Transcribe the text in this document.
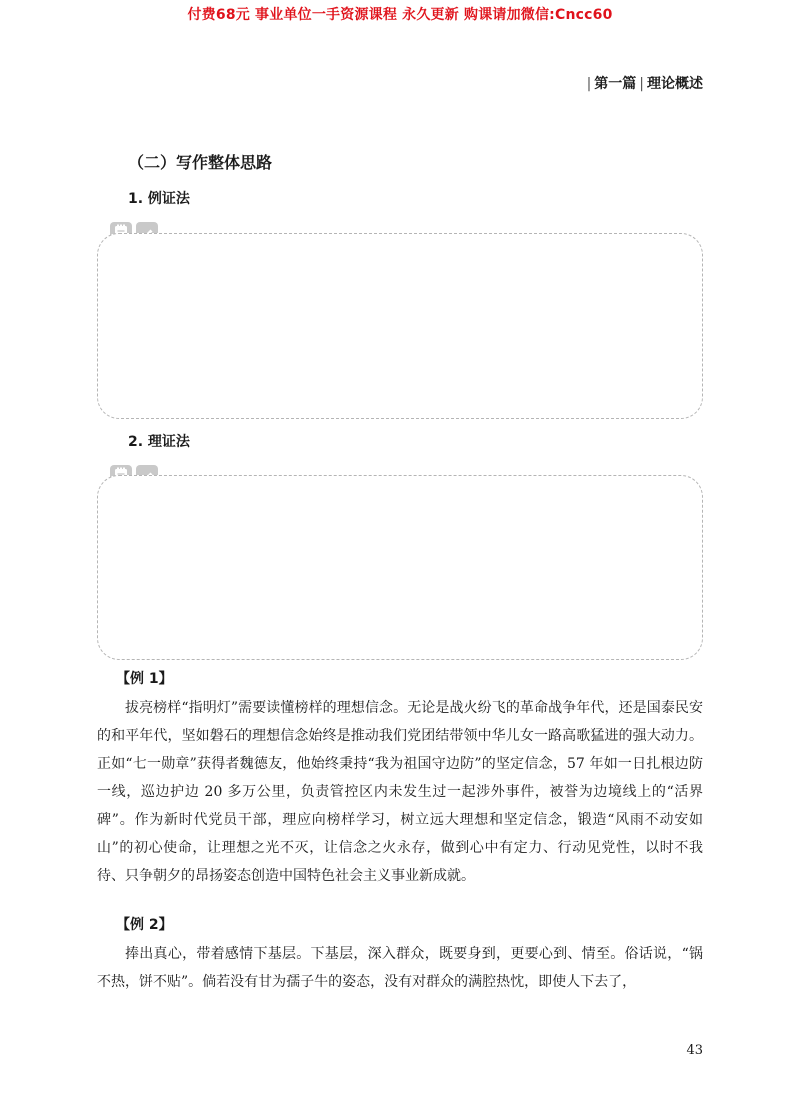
付费68元 事业单位一手资源课程 永久更新 购课请加微信:Cncc60
| 第一篇 | 理论概述
（二）写作整体思路
1. 例证法
2. 理证法
【例 1】

拔亮榜样“指明灯”需要读懂榜样的理想信念。无论是战火纷飞的革命战争年代，还是国泰民安的和平年代，坚如磐石的理想信念始终是推动我们党团结带领中华儿女一路高歌猛进的强大动力。正如“七一勋章”获得者魏德友，他始终秉持“我为祖国守边防”的坚定信念，57 年如一日扎根边防一线，巡边护边 20 多万公里，负责管控区内未发生过一起涉外事件，被誉为边境线上的“活界碑”。作为新时代党员干部，理应向榜样学习，树立远大理想和坚定信念，锻造“风雨不动安如山”的初心使命，让理想之光不灭，让信念之火永存，做到心中有定力、行动见党性，以时不我待、只争朝夕的昂扬姿态创造中国特色社会主义事业新成就。

【例 2】

捧出真心，带着感情下基层。下基层，深入群众，既要身到，更要心到、情至。俗话说，“锅不热，饼不贴”。倘若没有甘为孺子牛的姿态，没有对群众的满腔热忱，即使人下去了，

43
